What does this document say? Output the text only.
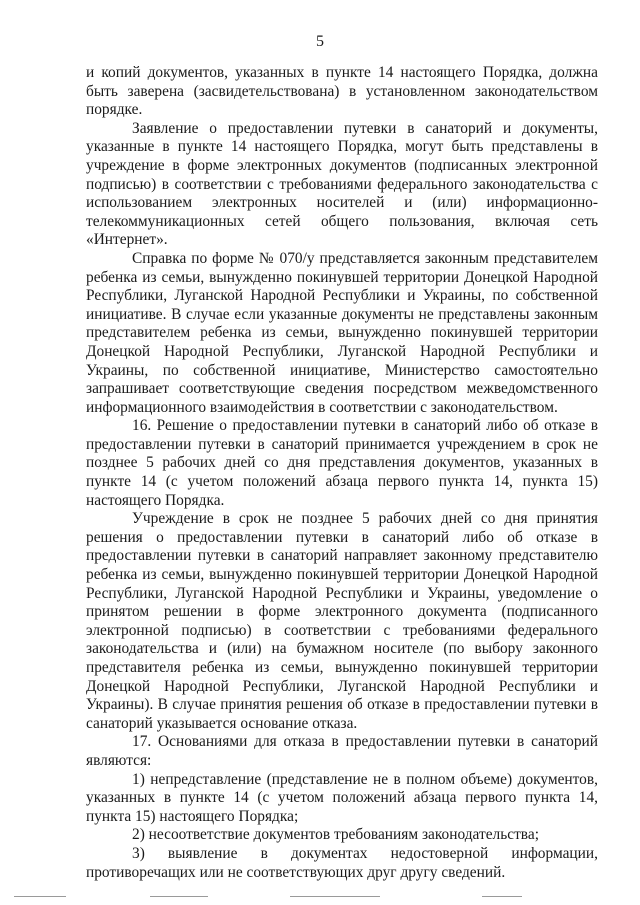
5

и копий документов, указанных в пункте 14 настоящего Порядка, должна быть заверена (засвидетельствована) в установленном законодательством порядке.

Заявление о предоставлении путевки в санаторий и документы, указанные в пункте 14 настоящего Порядка, могут быть представлены в учреждение в форме электронных документов (подписанных электронной подписью) в соответствии с требованиями федерального законодательства с использованием электронных носителей и (или) информационно-телекоммуникационных сетей общего пользования, включая сеть «Интернет».

Справка по форме № 070/у представляется законным представителем ребенка из семьи, вынужденно покинувшей территории Донецкой Народной Республики, Луганской Народной Республики и Украины, по собственной инициативе. В случае если указанные документы не представлены законным представителем ребенка из семьи, вынужденно покинувшей территории Донецкой Народной Республики, Луганской Народной Республики и Украины, по собственной инициативе, Министерство самостоятельно запрашивает соответствующие сведения посредством межведомственного информационного взаимодействия в соответствии с законодательством.

16. Решение о предоставлении путевки в санаторий либо об отказе в предоставлении путевки в санаторий принимается учреждением в срок не позднее 5 рабочих дней со дня представления документов, указанных в пункте 14 (с учетом положений абзаца первого пункта 14, пункта 15) настоящего Порядка.

Учреждение в срок не позднее 5 рабочих дней со дня принятия решения о предоставлении путевки в санаторий либо об отказе в предоставлении путевки в санаторий направляет законному представителю ребенка из семьи, вынужденно покинувшей территории Донецкой Народной Республики, Луганской Народной Республики и Украины, уведомление о принятом решении в форме электронного документа (подписанного электронной подписью) в соответствии с требованиями федерального законодательства и (или) на бумажном носителе (по выбору законного представителя ребенка из семьи, вынужденно покинувшей территории Донецкой Народной Республики, Луганской Народной Республики и Украины). В случае принятия решения об отказе в предоставлении путевки в санаторий указывается основание отказа.

17. Основаниями для отказа в предоставлении путевки в санаторий являются:

1) непредставление (представление не в полном объеме) документов, указанных в пункте 14 (с учетом положений абзаца первого пункта 14, пункта 15) настоящего Порядка;

2) несоответствие документов требованиям законодательства;

3) выявление в документах недостоверной информации, противоречащих или не соответствующих друг другу сведений.
